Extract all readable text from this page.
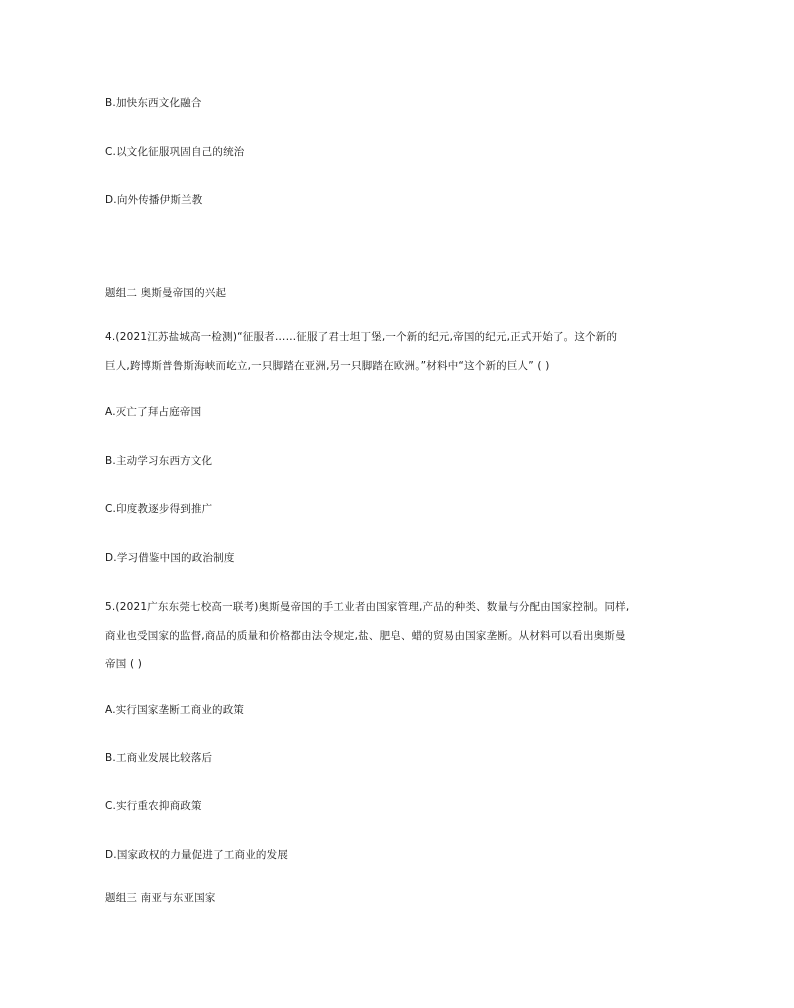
B.加快东西文化融合

C.以文化征服巩固自己的统治

D.向外传播伊斯兰教

题组二 奥斯曼帝国的兴起

4.(2021江苏盐城高一检测)“征服者……征服了君士坦丁堡,一个新的纪元,帝国的纪元,正式开始了。这个新的

巨人,跨博斯普鲁斯海峡而屹立,一只脚踏在亚洲,另一只脚踏在欧洲。”材料中“这个新的巨人” ( )

A.灭亡了拜占庭帝国

B.主动学习东西方文化

C.印度教逐步得到推广

D.学习借鉴中国的政治制度

5.(2021广东东莞七校高一联考)奥斯曼帝国的手工业者由国家管理,产品的种类、数量与分配由国家控制。同样,

商业也受国家的监督,商品的质量和价格都由法令规定,盐、肥皂、蜡的贸易由国家垄断。从材料可以看出奥斯曼

帝国 ( )

A.实行国家垄断工商业的政策

B.工商业发展比较落后

C.实行重农抑商政策

D.国家政权的力量促进了工商业的发展

题组三 南亚与东亚国家
